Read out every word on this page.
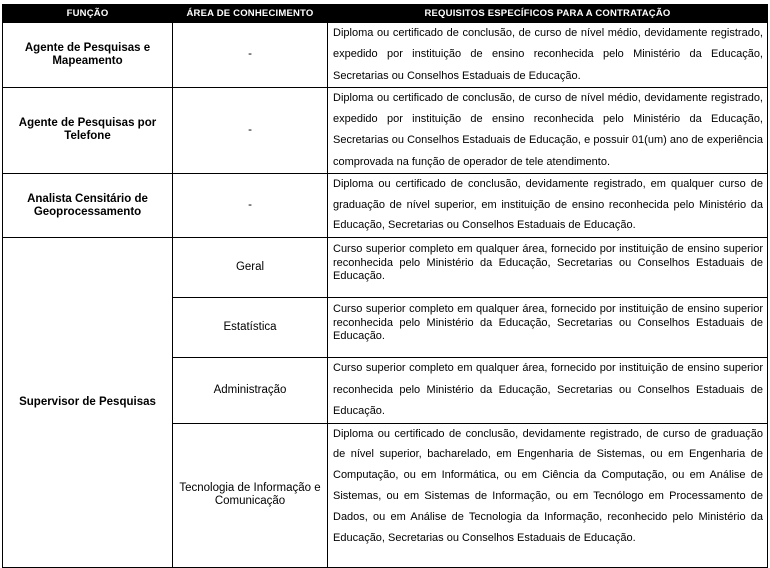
FUNÇÃO	ÁREA DE CONHECIMENTO	REQUISITOS ESPECÍFICOS PARA A CONTRATAÇÃO
Agente de Pesquisas e Mapeamento	-	Diploma ou certificado de conclusão, de curso de nível médio, devidamente registrado, expedido por instituição de ensino reconhecida pelo Ministério da Educação, Secretarias ou Conselhos Estaduais de Educação.
Agente de Pesquisas por Telefone	-	Diploma ou certificado de conclusão, de curso de nível médio, devidamente registrado, expedido por instituição de ensino reconhecida pelo Ministério da Educação, Secretarias ou Conselhos Estaduais de Educação, e possuir 01(um) ano de experiência comprovada na função de operador de tele atendimento.
Analista Censitário de Geoprocessamento	-	Diploma ou certificado de conclusão, devidamente registrado, em qualquer curso de graduação de nível superior, em instituição de ensino reconhecida pelo Ministério da Educação, Secretarias ou Conselhos Estaduais de Educação.
Supervisor de Pesquisas	Geral	Curso superior completo em qualquer área, fornecido por instituição de ensino superior reconhecida pelo Ministério da Educação, Secretarias ou Conselhos Estaduais de Educação.
	Estatística	Curso superior completo em qualquer área, fornecido por instituição de ensino superior reconhecida pelo Ministério da Educação, Secretarias ou Conselhos Estaduais de Educação.
	Administração	Curso superior completo em qualquer área, fornecido por instituição de ensino superior reconhecida pelo Ministério da Educação, Secretarias ou Conselhos Estaduais de Educação.
	Tecnologia de Informação e Comunicação	Diploma ou certificado de conclusão, devidamente registrado, de curso de graduação de nível superior, bacharelado, em Engenharia de Sistemas, ou em Engenharia de Computação, ou em Informática, ou em Ciência da Computação, ou em Análise de Sistemas, ou em Sistemas de Informação, ou em Tecnólogo em Processamento de Dados, ou em Análise de Tecnologia da Informação, reconhecido pelo Ministério da Educação, Secretarias ou Conselhos Estaduais de Educação.
